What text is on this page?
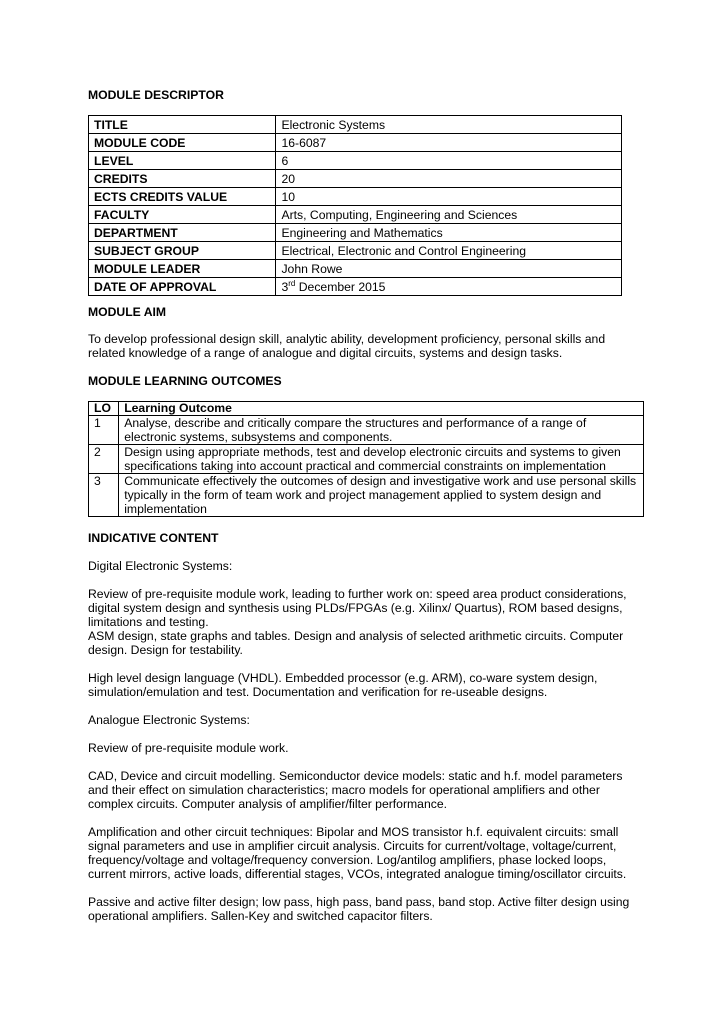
MODULE DESCRIPTOR
TITLE	Electronic Systems
MODULE CODE	16-6087
LEVEL	6
CREDITS	20
ECTS CREDITS VALUE	10
FACULTY	Arts, Computing, Engineering and Sciences
DEPARTMENT	Engineering and Mathematics
SUBJECT GROUP	Electrical, Electronic and Control Engineering
MODULE LEADER	John Rowe
DATE OF APPROVAL	3rd December 2015
MODULE AIM
To develop professional design skill, analytic ability, development proficiency, personal skills and related knowledge of a range of analogue and digital circuits, systems and design tasks.
MODULE LEARNING OUTCOMES
LO	Learning Outcome
1	Analyse, describe and critically compare the structures and performance of a range of electronic systems, subsystems and components.
2	Design using appropriate methods, test and develop electronic circuits and systems to given specifications taking into account practical and commercial constraints on implementation
3	Communicate effectively the outcomes of design and investigative work and use personal skills typically in the form of team work and project management applied to system design and implementation
INDICATIVE CONTENT
Digital Electronic Systems:
Review of pre-requisite module work, leading to further work on: speed area product considerations, digital system design and synthesis using PLDs/FPGAs (e.g. Xilinx/ Quartus), ROM based designs, limitations and testing.
ASM design, state graphs and tables. Design and analysis of selected arithmetic circuits. Computer design. Design for testability.
High level design language (VHDL). Embedded processor (e.g. ARM), co-ware system design, simulation/emulation and test. Documentation and verification for re-useable designs.
Analogue Electronic Systems:
Review of pre-requisite module work.
CAD, Device and circuit modelling. Semiconductor device models: static and h.f. model parameters and their effect on simulation characteristics; macro models for operational amplifiers and other complex circuits. Computer analysis of amplifier/filter performance.
Amplification and other circuit techniques: Bipolar and MOS transistor h.f. equivalent circuits: small signal parameters and use in amplifier circuit analysis. Circuits for current/voltage, voltage/current, frequency/voltage and voltage/frequency conversion. Log/antilog amplifiers, phase locked loops, current mirrors, active loads, differential stages, VCOs, integrated analogue timing/oscillator circuits.
Passive and active filter design; low pass, high pass, band pass, band stop. Active filter design using operational amplifiers. Sallen-Key and switched capacitor filters.
